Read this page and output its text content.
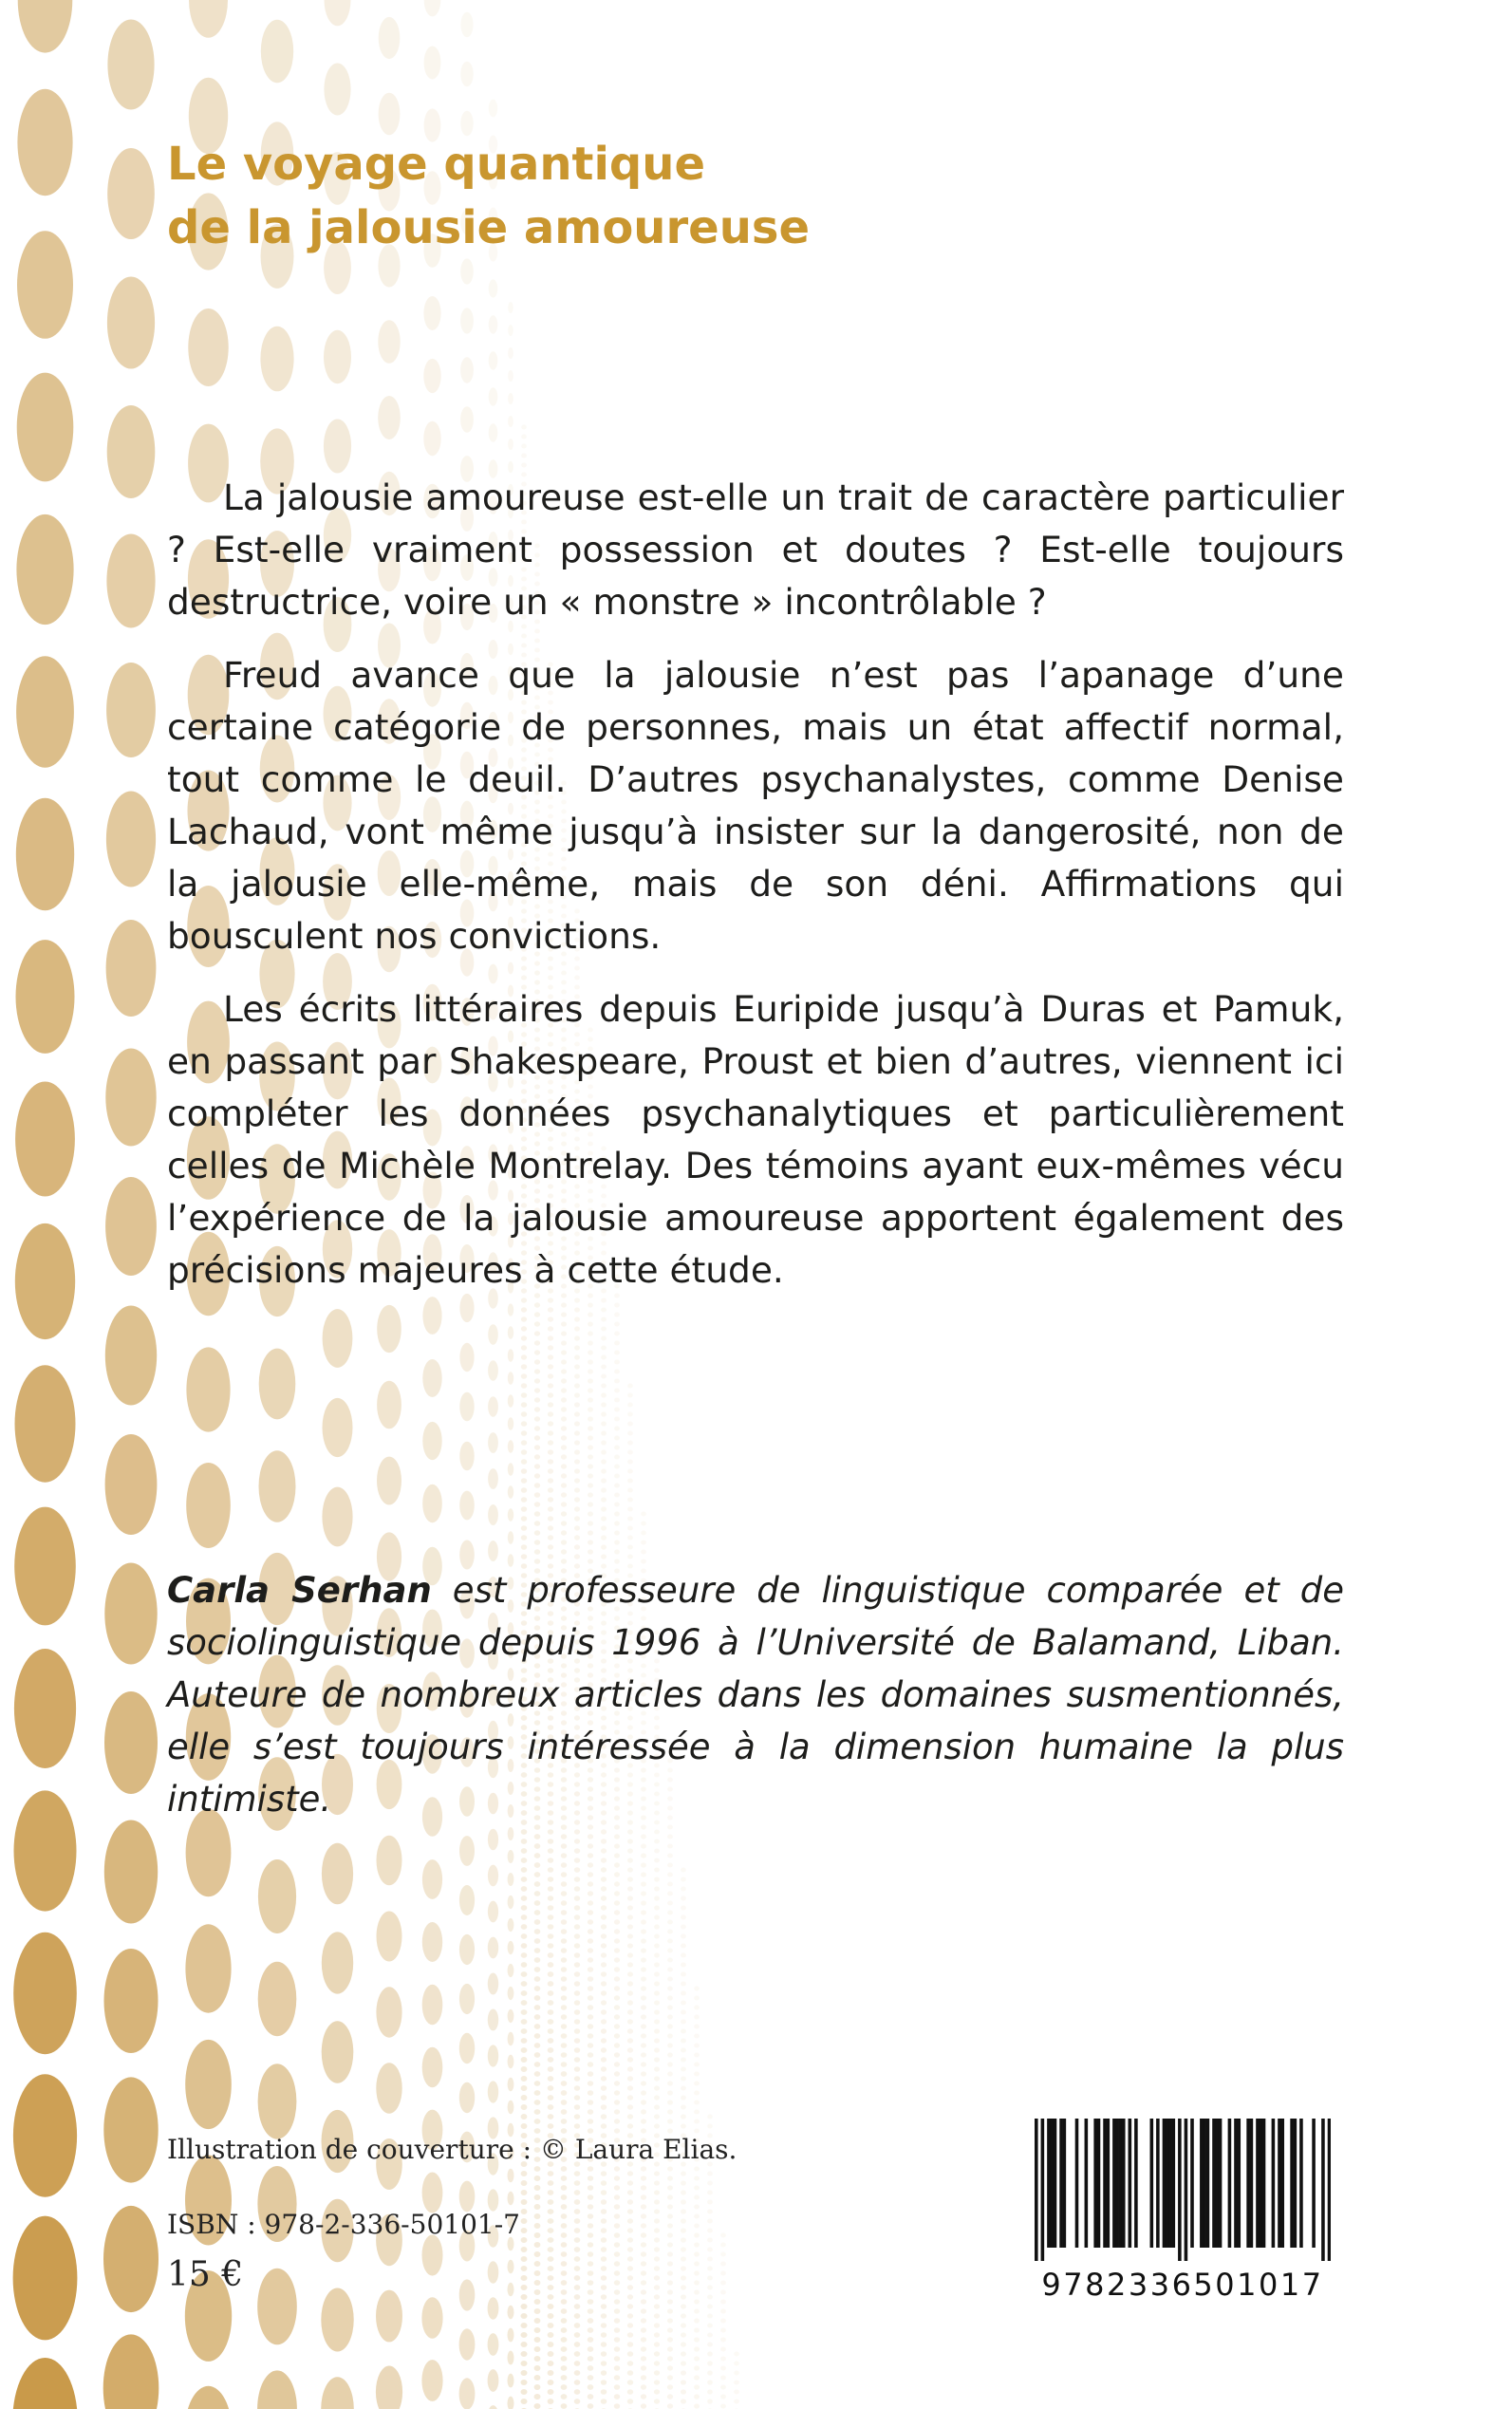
Le voyage quantique
de la jalousie amoureuse

La jalousie amoureuse est-elle un trait de caractère particulier ? Est-elle vraiment possession et doutes ? Est-elle toujours destructrice, voire un « monstre » incontrôlable ?

Freud avance que la jalousie n’est pas l’apanage d’une certaine catégorie de personnes, mais un état affectif normal, tout comme le deuil. D’autres psychanalystes, comme Denise Lachaud, vont même jusqu’à insister sur la dangerosité, non de la jalousie elle-même, mais de son déni. Affirmations qui bousculent nos convictions.

Les écrits littéraires depuis Euripide jusqu’à Duras et Pamuk, en passant par Shakespeare, Proust et bien d’autres, viennent ici compléter les données psychanalytiques et particulièrement celles de Michèle Montrelay. Des témoins ayant eux-mêmes vécu l’expérience de la jalousie amoureuse apportent également des précisions majeures à cette étude.

Carla Serhan est professeure de linguistique comparée et de sociolinguistique depuis 1996 à l’Université de Balamand, Liban. Auteure de nombreux articles dans les domaines susmentionnés, elle s’est toujours intéressée à la dimension humaine la plus intimiste.
Illustration de couverture : © Laura Elias.
ISBN : 978-2-336-50101-7
15 €	9782336501017
